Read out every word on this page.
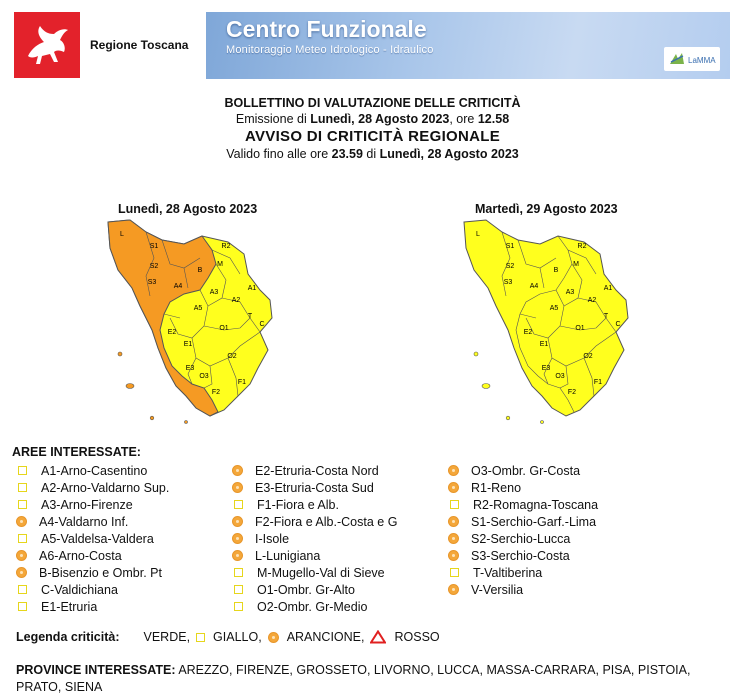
Regione Toscana
Centro Funzionale
Monitoraggio Meteo Idrologico - Idraulico
LaMMA
BOLLETTINO DI VALUTAZIONE DELLE CRITICITÀ
Emissione di Lunedì, 28 Agosto 2023, ore 12.58
AVVISO DI CRITICITÀ REGIONALE
Valido fino alle ore 23.59 di Lunedì, 28 Agosto 2023
Lunedì, 28 Agosto 2023	Martedì, 29 Agosto 2023
L
S1	R2
S2	M
A4
B
S3
A1
A3
A2
A5
O1
E2
C
E1
O2
E3
O3
T
F2
F1
L
S1	R2
S2	M
A4
B
S3
A1
A3
A2
A5
O1
E2
C
E1
O2
E3
O3
T
F2
F1
AREE INTERESSATE:
A1-Arno-Casentino
A2-Arno-Valdarno Sup.
A3-Arno-Firenze
A4-Valdarno Inf.
A5-Valdelsa-Valdera
A6-Arno-Costa
B-Bisenzio e Ombr. Pt
C-Valdichiana
E1-Etruria
E2-Etruria-Costa Nord
E3-Etruria-Costa Sud
F1-Fiora e Alb.
F2-Fiora e Alb.-Costa e G
I-Isole
L-Lunigiana
M-Mugello-Val di Sieve
O1-Ombr. Gr-Alto
O2-Ombr. Gr-Medio
O3-Ombr. Gr-Costa
R1-Reno
R2-Romagna-Toscana
S1-Serchio-Garf.-Lima
S2-Serchio-Lucca
S3-Serchio-Costa
T-Valtiberina
V-Versilia
Legenda criticità: VERDE, GIALLO, ARANCIONE, ROSSO
PROVINCE INTERESSATE: AREZZO, FIRENZE, GROSSETO, LIVORNO, LUCCA, MASSA-CARRARA, PISA, PISTOIA, PRATO, SIENA
